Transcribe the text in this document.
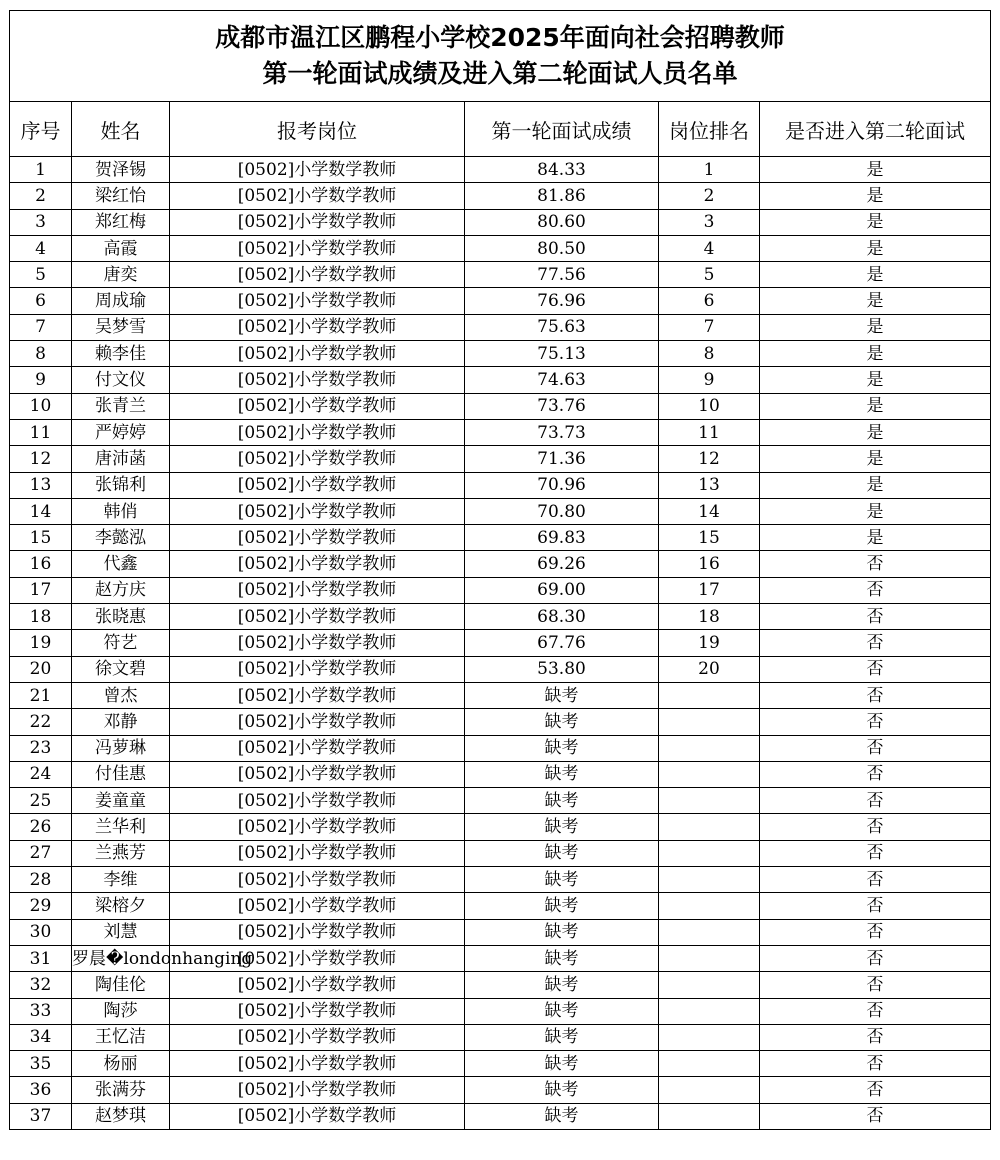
成都市温江区鹏程小学校2025年面向社会招聘教师
第一轮面试成绩及进入第二轮面试人员名单					

序号	姓名	报考岗位	第一轮面试成绩	岗位排名	是否进入第二轮面试
1	贺泽锡	[0502]小学数学教师	84.33	1	是
2	梁红怡	[0502]小学数学教师	81.86	2	是
3	郑红梅	[0502]小学数学教师	80.60	3	是
4	高霞	[0502]小学数学教师	80.50	4	是
5	唐奕	[0502]小学数学教师	77.56	5	是
6	周成瑜	[0502]小学数学教师	76.96	6	是
7	吴梦雪	[0502]小学数学教师	75.63	7	是
8	赖李佳	[0502]小学数学教师	75.13	8	是
9	付文仪	[0502]小学数学教师	74.63	9	是
10	张青兰	[0502]小学数学教师	73.76	10	是
11	严婷婷	[0502]小学数学教师	73.73	11	是
12	唐沛菡	[0502]小学数学教师	71.36	12	是
13	张锦利	[0502]小学数学教师	70.96	13	是
14	韩俏	[0502]小学数学教师	70.80	14	是
15	李懿泓	[0502]小学数学教师	69.83	15	是
16	代鑫	[0502]小学数学教师	69.26	16	否
17	赵方庆	[0502]小学数学教师	69.00	17	否
18	张晓惠	[0502]小学数学教师	68.30	18	否
19	符艺	[0502]小学数学教师	67.76	19	否
20	徐文碧	[0502]小学数学教师	53.80	20	否
21	曾杰	[0502]小学数学教师	缺考		否
22	邓静	[0502]小学数学教师	缺考		否
23	冯萝琳	[0502]小学数学教师	缺考		否
24	付佳惠	[0502]小学数学教师	缺考		否
25	姜童童	[0502]小学数学教师	缺考		否
26	兰华利	[0502]小学数学教师	缺考		否
27	兰燕芳	[0502]小学数学教师	缺考		否
28	李维	[0502]小学数学教师	缺考		否
29	梁榕夕	[0502]小学数学教师	缺考		否
30	刘慧	[0502]小学数学教师	缺考		否
31	罗晨�londonhanging	[0502]小学数学教师	缺考		否
32	陶佳伦	[0502]小学数学教师	缺考		否
33	陶莎	[0502]小学数学教师	缺考		否
34	王忆洁	[0502]小学数学教师	缺考		否
35	杨丽	[0502]小学数学教师	缺考		否
36	张满芬	[0502]小学数学教师	缺考		否
37	赵梦琪	[0502]小学数学教师	缺考		否
